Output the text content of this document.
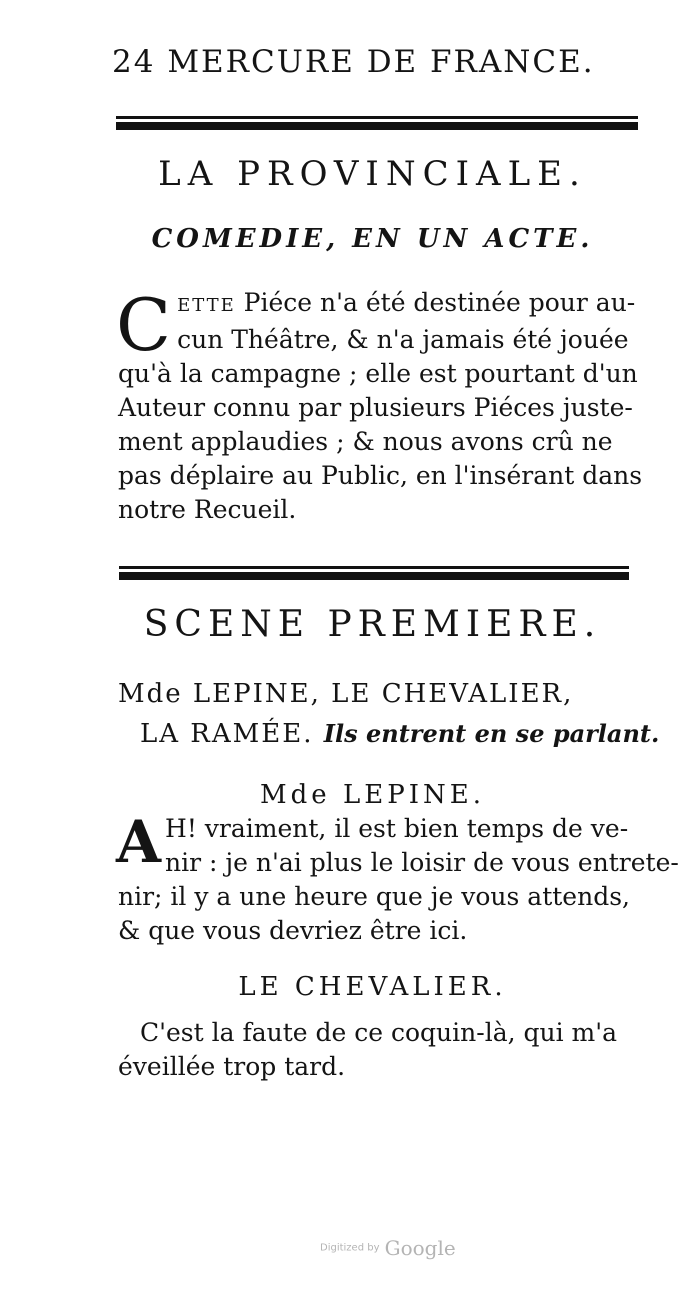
24 MERCURE DE FRANCE.
LA PROVINCIALE.
COMEDIE, EN UN ACTE.
C ETTE Piéce n'a été destinée pour au-
cun Théâtre, & n'a jamais été jouée
qu'à la campagne ; elle est pourtant d'un
Auteur connu par plusieurs Piéces juste-
ment applaudies ; & nous avons crû ne
pas déplaire au Public, en l'insérant dans
notre Recueil.
SCENE PREMIERE.
Mde LEPINE, LE CHEVALIER,
LA RAMÉE. Ils entrent en se parlant.
Mde LEPINE.
A H! vraiment, il est bien temps de ve-
nir : je n'ai plus le loisir de vous entrete-
nir; il y a une heure que je vous attends,
& que vous devriez être ici.
LE CHEVALIER.
C'est la faute de ce coquin-là, qui m'a
éveillée trop tard.
Digitized by Google
